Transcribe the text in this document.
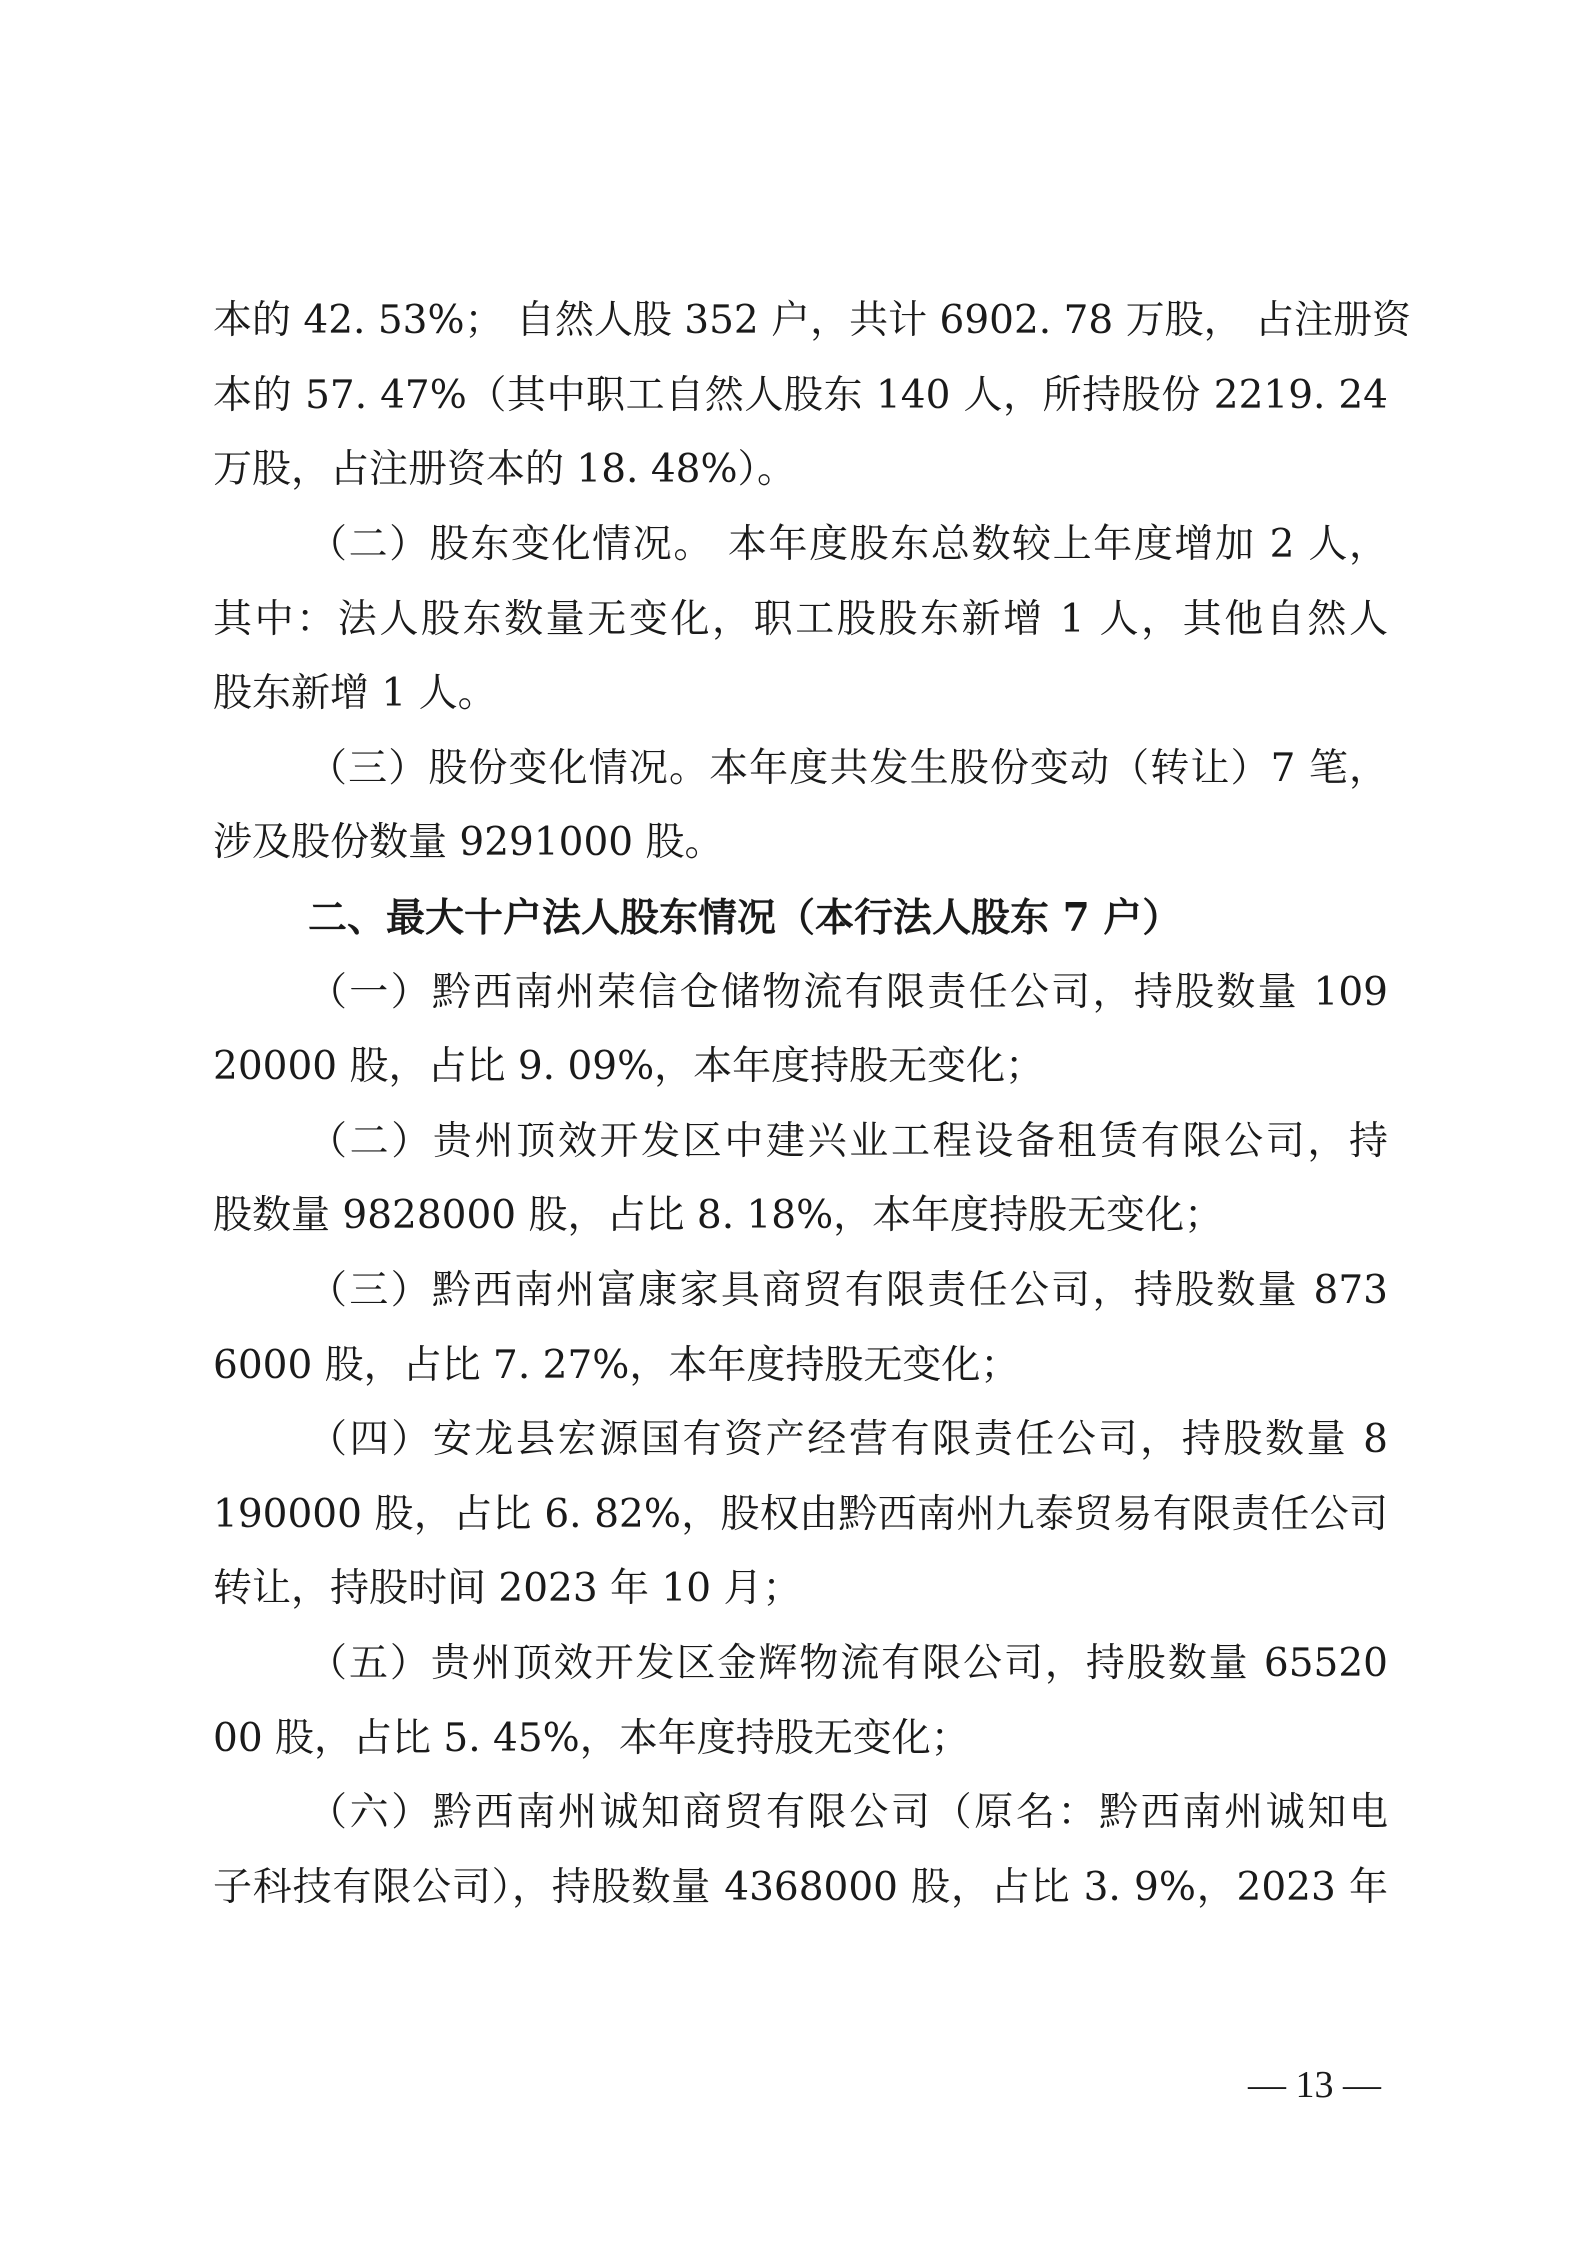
本的 42. 53%； 自然人股 352 户，共计 6902. 78 万股， 占注册资
本的 57. 47%（其中职工自然人股东 140 人，所持股份 2219. 24
万股，占注册资本的 18. 48%）。
（二）股东变化情况。 本年度股东总数较上年度增加 2 人，
其中：法人股东数量无变化，职工股股东新增 1 人，其他自然人
股东新增 1 人。
（三）股份变化情况。本年度共发生股份变动（转让）7 笔，
涉及股份数量 9291000 股。
二、最大十户法人股东情况（本行法人股东 7 户）
（一）黔西南州荣信仓储物流有限责任公司，持股数量 109
20000 股，占比 9. 09%，本年度持股无变化；
（二）贵州顶效开发区中建兴业工程设备租赁有限公司，持
股数量 9828000 股，占比 8. 18%，本年度持股无变化；
（三）黔西南州富康家具商贸有限责任公司，持股数量 873
6000 股，占比 7. 27%，本年度持股无变化；
（四）安龙县宏源国有资产经营有限责任公司，持股数量 8
190000 股，占比 6. 82%，股权由黔西南州九泰贸易有限责任公司
转让，持股时间 2023 年 10 月；
（五）贵州顶效开发区金辉物流有限公司，持股数量 65520
00 股，占比 5. 45%，本年度持股无变化；
（六）黔西南州诚知商贸有限公司（原名：黔西南州诚知电
子科技有限公司），持股数量 4368000 股，占比 3. 9%，2023 年
— 13 —
